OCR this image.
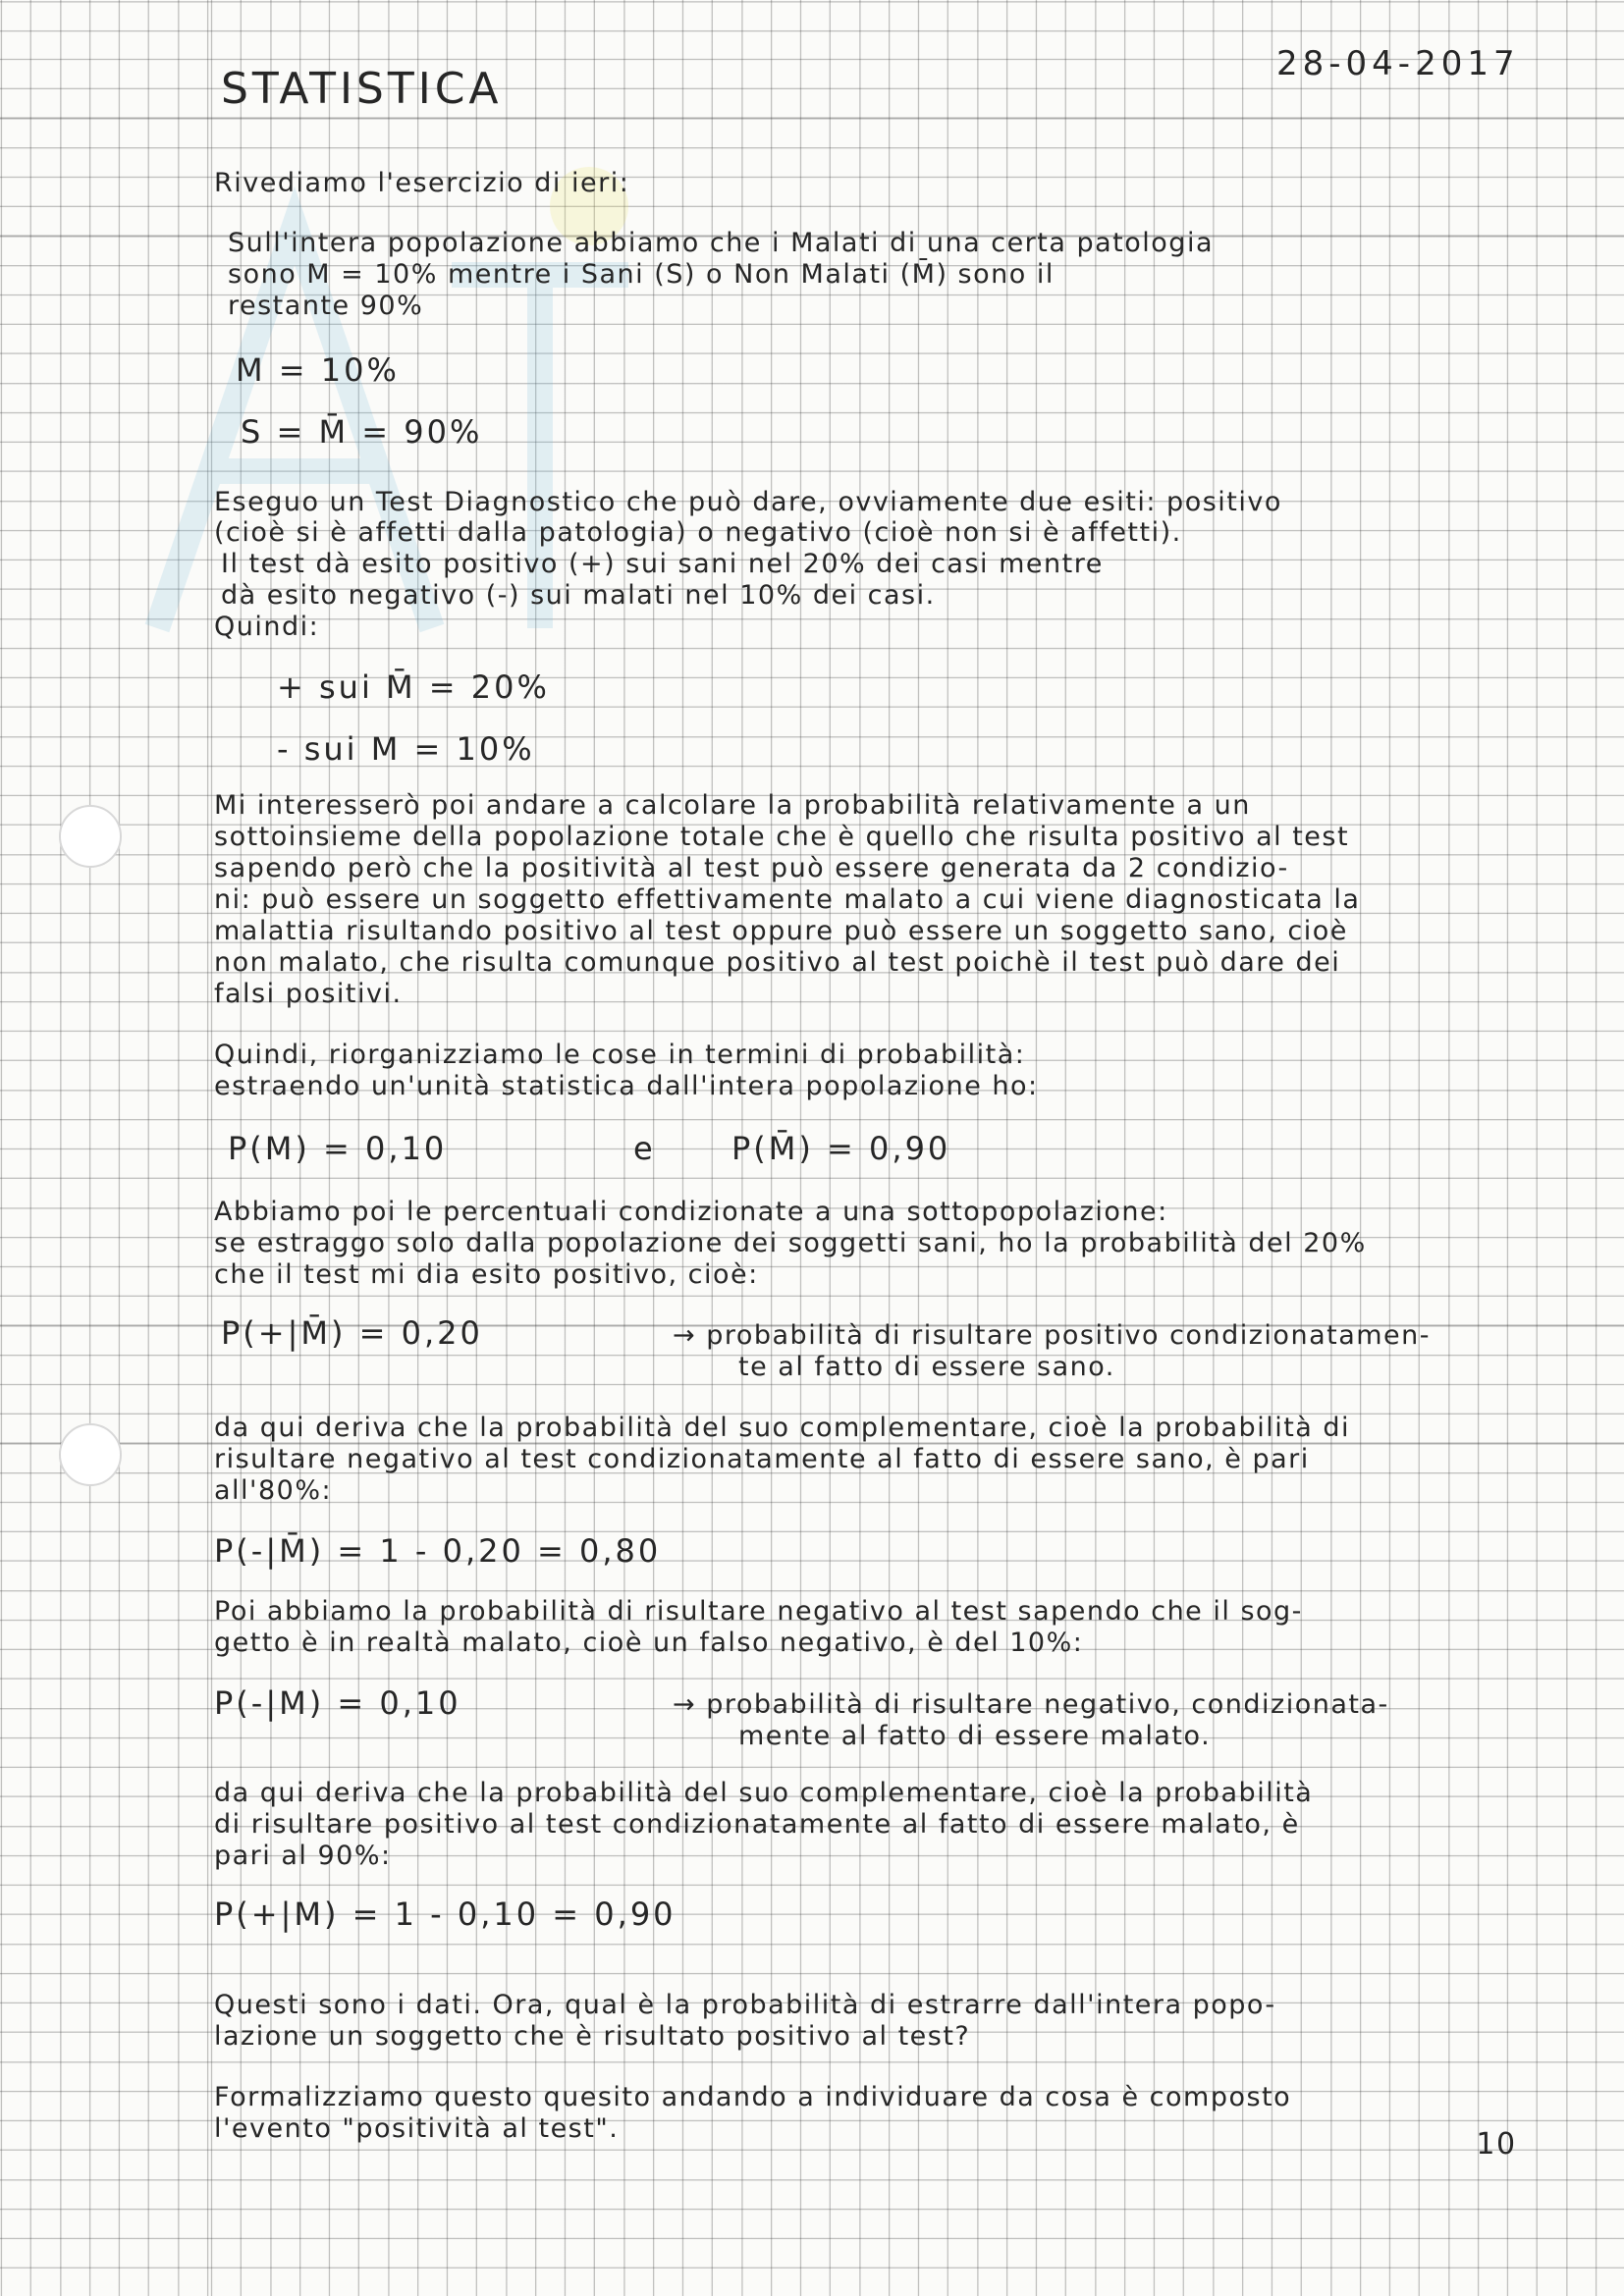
STATISTICA	28-04-2017
Rivediamo l'esercizio di ieri:
Sull'intera popolazione abbiamo che i Malati di una certa patologia
sono M = 10% mentre i Sani (S) o Non Malati (M̄) sono il
restante 90%
M = 10%
S = M̄ = 90%
Eseguo un Test Diagnostico che può dare, ovviamente due esiti: positivo
(cioè si è affetti dalla patologia) o negativo (cioè non si è affetti).
Il test dà esito positivo (+) sui sani nel 20% dei casi mentre
dà esito negativo (-) sui malati nel 10% dei casi.
Quindi:
+ sui M̄ = 20%
- sui M = 10%
Mi interesserò poi andare a calcolare la probabilità relativamente a un
sottoinsieme della popolazione totale che è quello che risulta positivo al test
sapendo però che la positività al test può essere generata da 2 condizio-
ni: può essere un soggetto effettivamente malato a cui viene diagnosticata la
malattia risultando positivo al test oppure può essere un soggetto sano, cioè
non malato, che risulta comunque positivo al test poichè il test può dare dei
falsi positivi.
Quindi, riorganizziamo le cose in termini di probabilità:
estraendo un'unità statistica dall'intera popolazione ho:
P(M) = 0,10	e P(M̄) = 0,90
Abbiamo poi le percentuali condizionate a una sottopopolazione:
se estraggo solo dalla popolazione dei soggetti sani, ho la probabilità del 20%
che il test mi dia esito positivo, cioè:
P(+|M̄) = 0,20	→ probabilità di risultare positivo condizionatamen-
te al fatto di essere sano.
da qui deriva che la probabilità del suo complementare, cioè la probabilità di
risultare negativo al test condizionatamente al fatto di essere sano, è pari
all'80%:
P(-|M̄) = 1 - 0,20 = 0,80
Poi abbiamo la probabilità di risultare negativo al test sapendo che il sog-
getto è in realtà malato, cioè un falso negativo, è del 10%:
P(-|M) = 0,10	→ probabilità di risultare negativo, condizionata-
mente al fatto di essere malato.
da qui deriva che la probabilità del suo complementare, cioè la probabilità
di risultare positivo al test condizionatamente al fatto di essere malato, è
pari al 90%:
P(+|M) = 1 - 0,10 = 0,90
Questi sono i dati. Ora, qual è la probabilità di estrarre dall'intera popo-
lazione un soggetto che è risultato positivo al test?
Formalizziamo questo quesito andando a individuare da cosa è composto
l'evento "positività al test".	10
